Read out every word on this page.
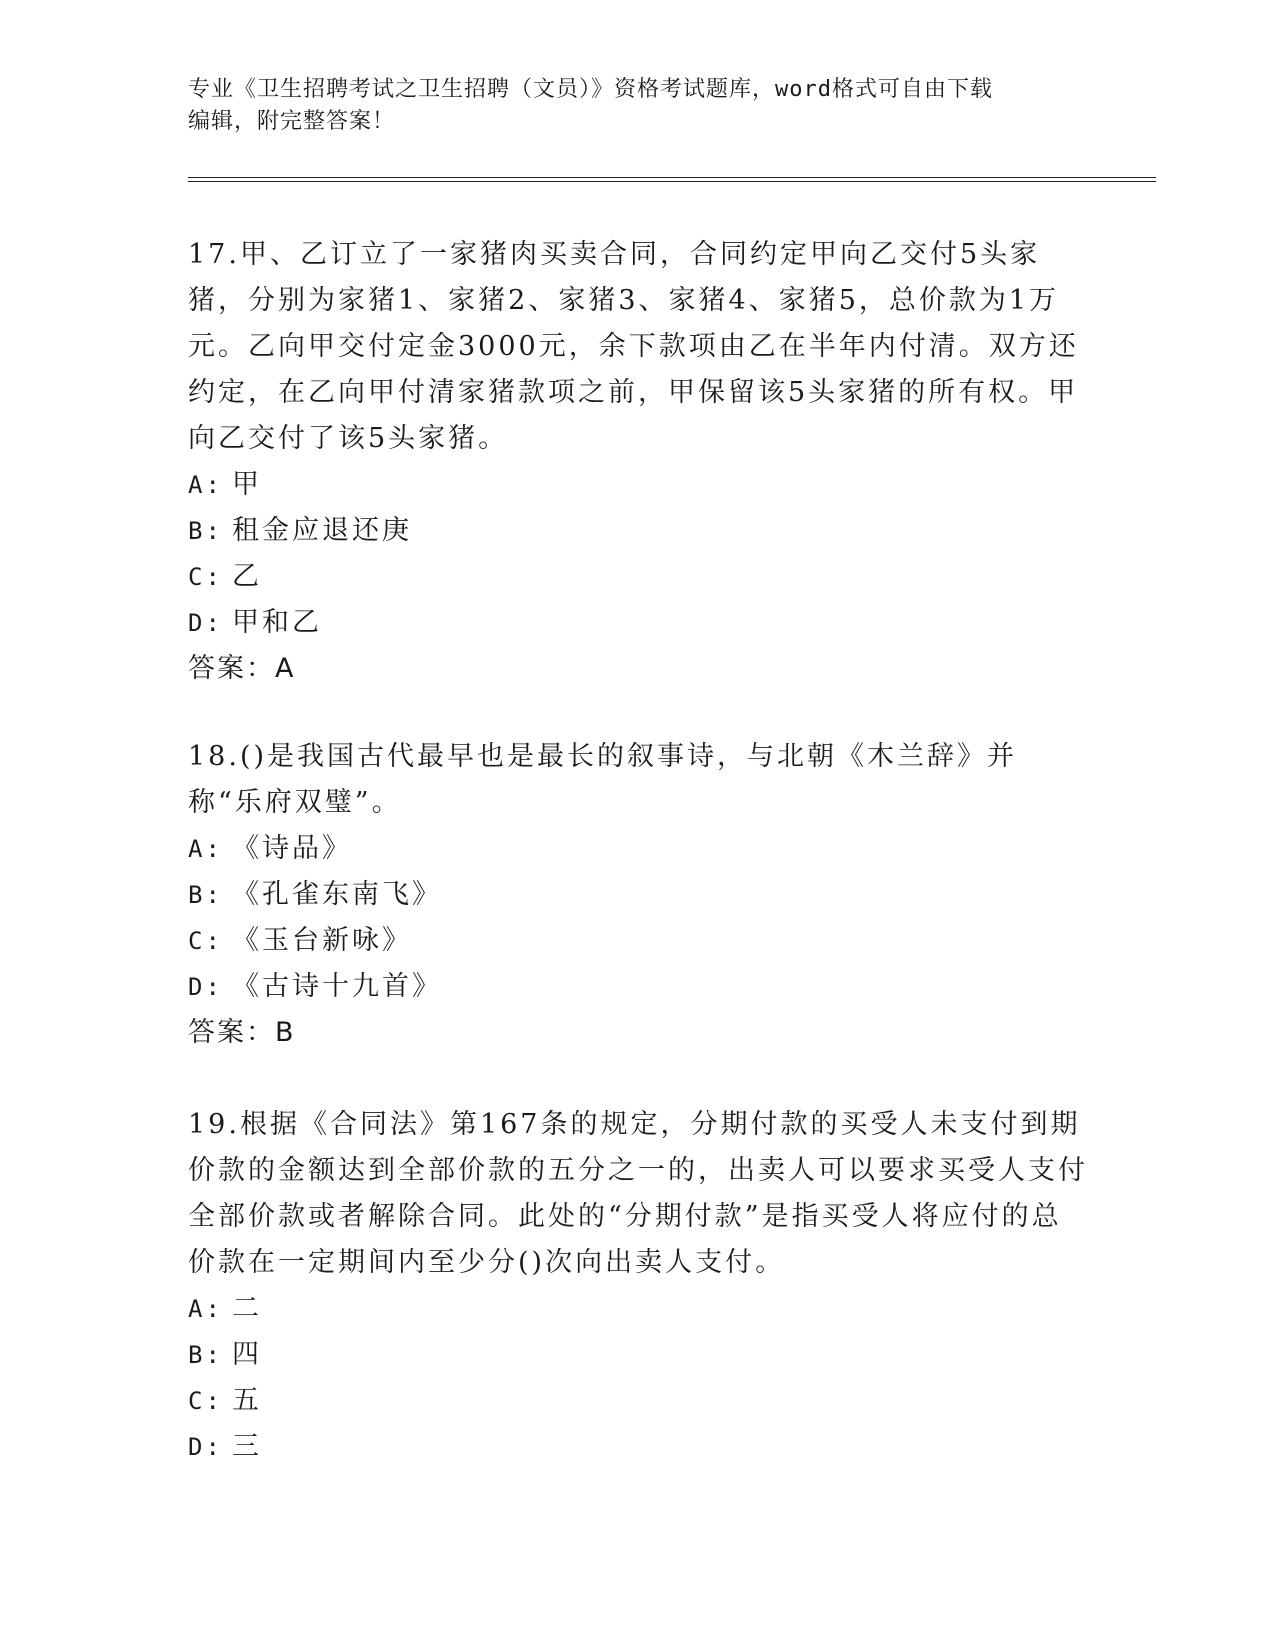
专业《卫生招聘考试之卫生招聘（文员）》资格考试题库，word格式可自由下载
编辑，附完整答案！

17.甲、乙订立了一家猪肉买卖合同，合同约定甲向乙交付5头家猪，分别为家猪1、家猪2、家猪3、家猪4、家猪5，总价款为1万元。乙向甲交付定金3000元，余下款项由乙在半年内付清。双方还约定，在乙向甲付清家猪款项之前，甲保留该5头家猪的所有权。甲向乙交付了该5头家猪。

A: 甲
B: 租金应退还庚
C: 乙
D: 甲和乙

答案：A

18.()是我国古代最早也是最长的叙事诗，与北朝《木兰辞》并称“乐府双璧”。

A: 《诗品》
B: 《孔雀东南飞》
C: 《玉台新咏》
D: 《古诗十九首》

答案：B

19.根据《合同法》第167条的规定，分期付款的买受人未支付到期价款的金额达到全部价款的五分之一的，出卖人可以要求买受人支付全部价款或者解除合同。此处的“分期付款”是指买受人将应付的总价款在一定期间内至少分()次向出卖人支付。

A: 二
B: 四
C: 五
D: 三
